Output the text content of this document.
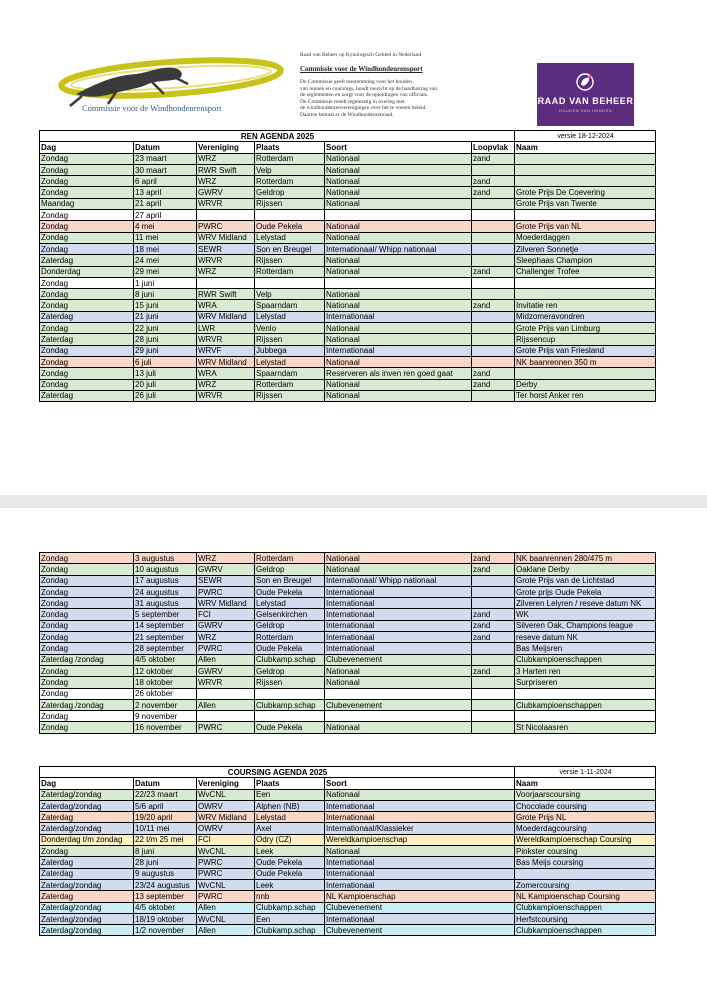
Commissie voor de Windhondenrensport
Raad van Beheer op Kynologisch Gebied in Nederland
Commissie voor de Windhondenrensport
De Commissie geeft toestemming voor het houden
van rennen en coursings, houdt toezicht op de handhaving van
de reglementen en zorgt voor de opleidingen van officials.
De Commissie treedt regelmatig in overleg met
de windhondenrenverenigingen over het te voeren beleid.
Daartoe bestaat er de Windhondenrenraad.
RAAD VAN BEHEER
HOUDEN VAN HONDEN
REN AGENDA 2025						versie 18-12-2024
Dag	Datum	Vereniging	Plaats	Soort	Loopvlak	Naam
Zondag	23 maart	WRZ	Rotterdam	Nationaal	zand	
Zondag	30 maart	RWR Swift	Velp	Nationaal		
Zondag	6 april	WRZ	Rotterdam	Nationaal	zand	
Zondag	13 april	GWRV	Geldrop	Nationaal	zand	Grote Prijs De Coevering
Maandag	21 april	WRVR	Rijssen	Nationaal		Grote Prijs van Twente
Zondag	27 april					
Zondag	4 mei	PWRC	Oude Pekela	Nationaal		Grote Prijs van NL
Zondag	11 mei	WRV Midland	Lelystad	Nationaal		Moederdaggen
Zondag	18 mei	SEWR	Son en Breugel	Internationaal/ Whipp nationaal		Zilveren Sonnetje
Zaterdag	24 mei	WRVR	Rijssen	Nationaal		Sleephaas Champion
Donderdag	29 mei	WRZ	Rotterdam	Nationaal	zand	Challenger Trofee
Zondag	1 juni					
Zondag	8 juni	RWR Swift	Velp	Nationaal		
Zondag	15 juni	WRA	Spaarndam	Nationaal	zand	Invitatie ren
Zaterdag	21 juni	WRV Midland	Lelystad	Internationaal		Midzomeravondren
Zondag	22 juni	LWR	Venlo	Nationaal		Grote Prijs van Limburg
Zaterdag	28 juni	WRVR	Rijssen	Nationaal		Rijssencup
Zondag	29 juni	WRVF	Jubbega	Internationaal		Grote Prijs van Friesland
Zondag	6 juli	WRV Midland	Lelystad	Nationaal		NK baanrennen 350 m
Zondag	13 juli	WRA	Spaarndam	Reserveren als inven ren goed gaat	zand	
Zondag	20 juli	WRZ	Rotterdam	Nationaal	zand	Derby
Zaterdag	26 juli	WRVR	Rijssen	Nationaal		Ter horst Anker ren
Zondag	3 augustus	WRZ	Rotterdam	Nationaal	zand	NK baanrennen 280/475 m
Zondag	10 augustus	GWRV	Geldrop	Nationaal	zand	Oaklane Derby
Zondag	17 augustus	SEWR	Son en Breugel	Internationaal/ Whipp nationaal		Grote Prijs van de Lichtstad
Zondag	24 augustus	PWRC	Oude Pekela	Internationaal		Grote prijs Oude Pekela
Zondag	31 augustus	WRV Midland	Lelystad	Internationaal		Zilveren Lelyren / reseve datum NK
Zondag	5 september	FCI	Gelsenkirchen	Internationaal	zand	WK
Zondag	14 september	GWRV	Geldrop	Internationaal	zand	Silveren Oak, Champions league
Zondag	21 september	WRZ	Rotterdam	Internationaal	zand	reseve datum NK
Zondag	28 september	PWRC	Oude Pekela	Internationaal		Bas Meijsren
Zaterdag /zondag	4/5 oktober	Allen	Clubkamp.schap	Clubevenement		Clubkampioenschappen
Zondag	12 oktober	GWRV	Geldrop	Nationaal	zand	3 Harten ren
Zondag	18 oktober	WRVR	Rijssen	Nationaal		Surpriseren
Zondag	26 oktober					
Zaterdag /zondag	2 november	Allen	Clubkamp.schap	Clubevenement		Clubkampioenschappen
Zondag	9 november					
Zondag	16 november	PWRC	Oude Pekela	Nationaal		St Nicolaasren
COURSING AGENDA 2025					versie 1-11-2024
Dag	Datum	Vereniging	Plaats	Soort	Naam
Zaterdag/zondag	22/23 maart	WvCNL	Een	Nationaal	Voorjaarscoursing
Zaterdag/zondag	5/6 april	OWRV	Alphen (NB)	Internationaal	Chocolade coursing
Zaterdag	19/20 april	WRV Midland	Lelystad	Internationaal	Grote Prijs NL
Zaterdag/zondag	10/11 mei	OWRV	Axel	Internationaal/Klassieker	Moederdagcoursing
Donderdag t/m zondag	22 t/m 25 mei	FCI	Odry (CZ)	Wereldkampioenschap	Wereldkampioenschap Coursing
Zondag	8 juni	WvCNL	Leek	Nationaal	Pinkster coursing
Zaterdag	28 juni	PWRC	Oude Pekela	Internationaal	Bas Meijs coursing
Zaterdag	9 augustus	PWRC	Oude Pekela	Internationaal	
Zaterdag/zondag	23/24 augustus	WvCNL	Leek	Internationaal	Zomercoursing
Zaterdag	13 september	PWRC	nnb	NL Kampioenschap	NL Kampioenschap Coursing
Zaterdag/zondag	4/5 oktober	Allen	Clubkamp.schap	Clubevenement	Clubkampioenschappen
Zaterdag/zondag	18/19 oktober	WvCNL	Een	Internationaal	Herfstcoursing
Zaterdag/zondag	1/2 november	Allen	Clubkamp.schap	Clubevenement	Clubkampioenschappen
